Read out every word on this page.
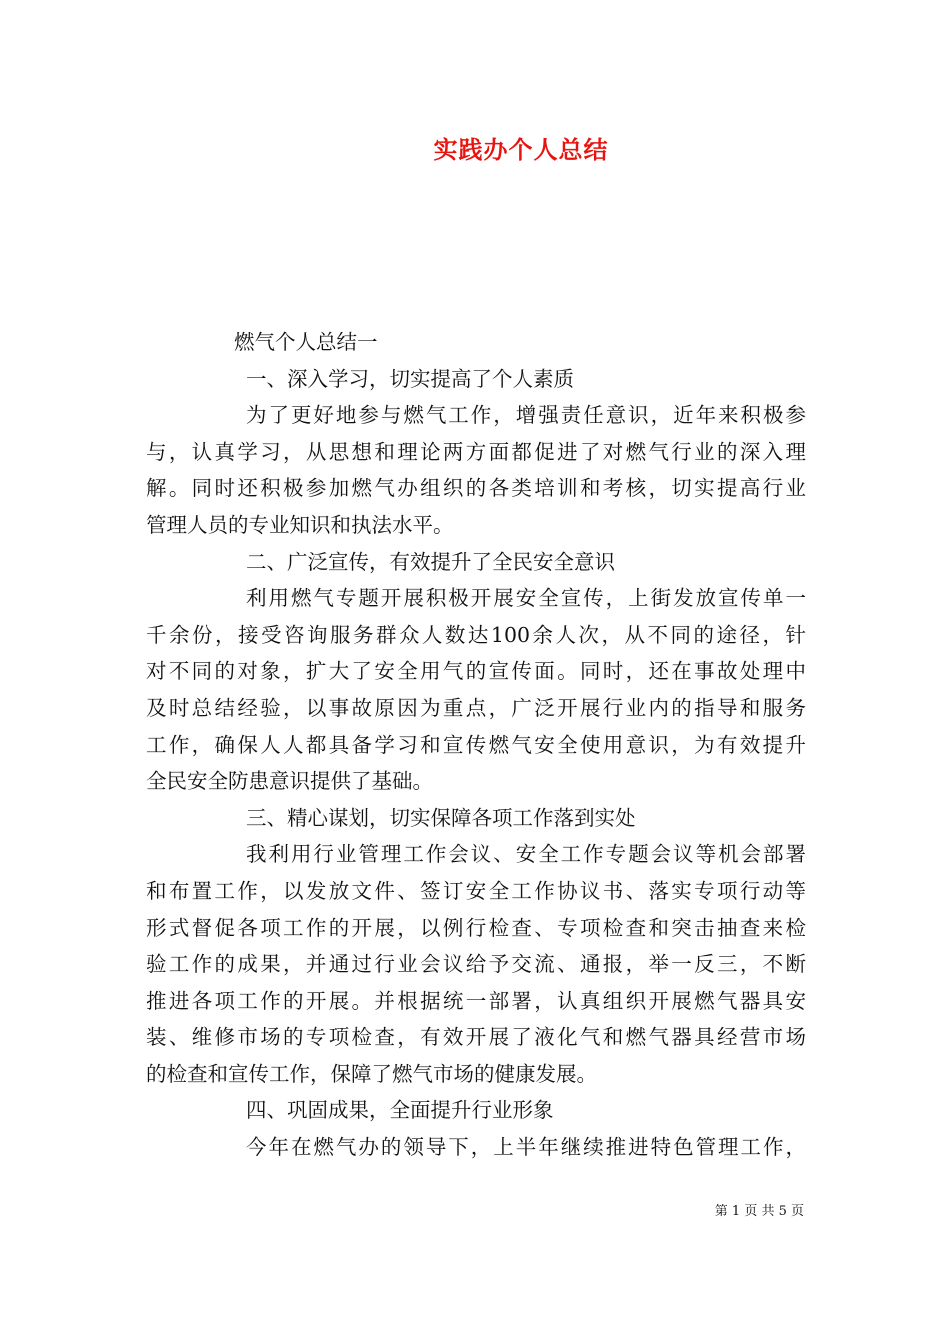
实践办个人总结
燃气个人总结一
一、深入学习，切实提高了个人素质
为了更好地参与燃气工作，增强责任意识，近年来积极参
与，认真学习，从思想和理论两方面都促进了对燃气行业的深入理
解。同时还积极参加燃气办组织的各类培训和考核，切实提高行业
管理人员的专业知识和执法水平。
二、广泛宣传，有效提升了全民安全意识
利用燃气专题开展积极开展安全宣传，上街发放宣传单一
千余份，接受咨询服务群众人数达100余人次，从不同的途径，针
对不同的对象，扩大了安全用气的宣传面。同时，还在事故处理中
及时总结经验，以事故原因为重点，广泛开展行业内的指导和服务
工作，确保人人都具备学习和宣传燃气安全使用意识，为有效提升
全民安全防患意识提供了基础。
三、精心谋划，切实保障各项工作落到实处
我利用行业管理工作会议、安全工作专题会议等机会部署
和布置工作，以发放文件、签订安全工作协议书、落实专项行动等
形式督促各项工作的开展，以例行检查、专项检查和突击抽查来检
验工作的成果，并通过行业会议给予交流、通报，举一反三，不断
推进各项工作的开展。并根据统一部署，认真组织开展燃气器具安
装、维修市场的专项检查，有效开展了液化气和燃气器具经营市场
的检查和宣传工作，保障了燃气市场的健康发展。
四、巩固成果，全面提升行业形象
今年在燃气办的领导下，上半年继续推进特色管理工作，
第 1 页 共 5 页
